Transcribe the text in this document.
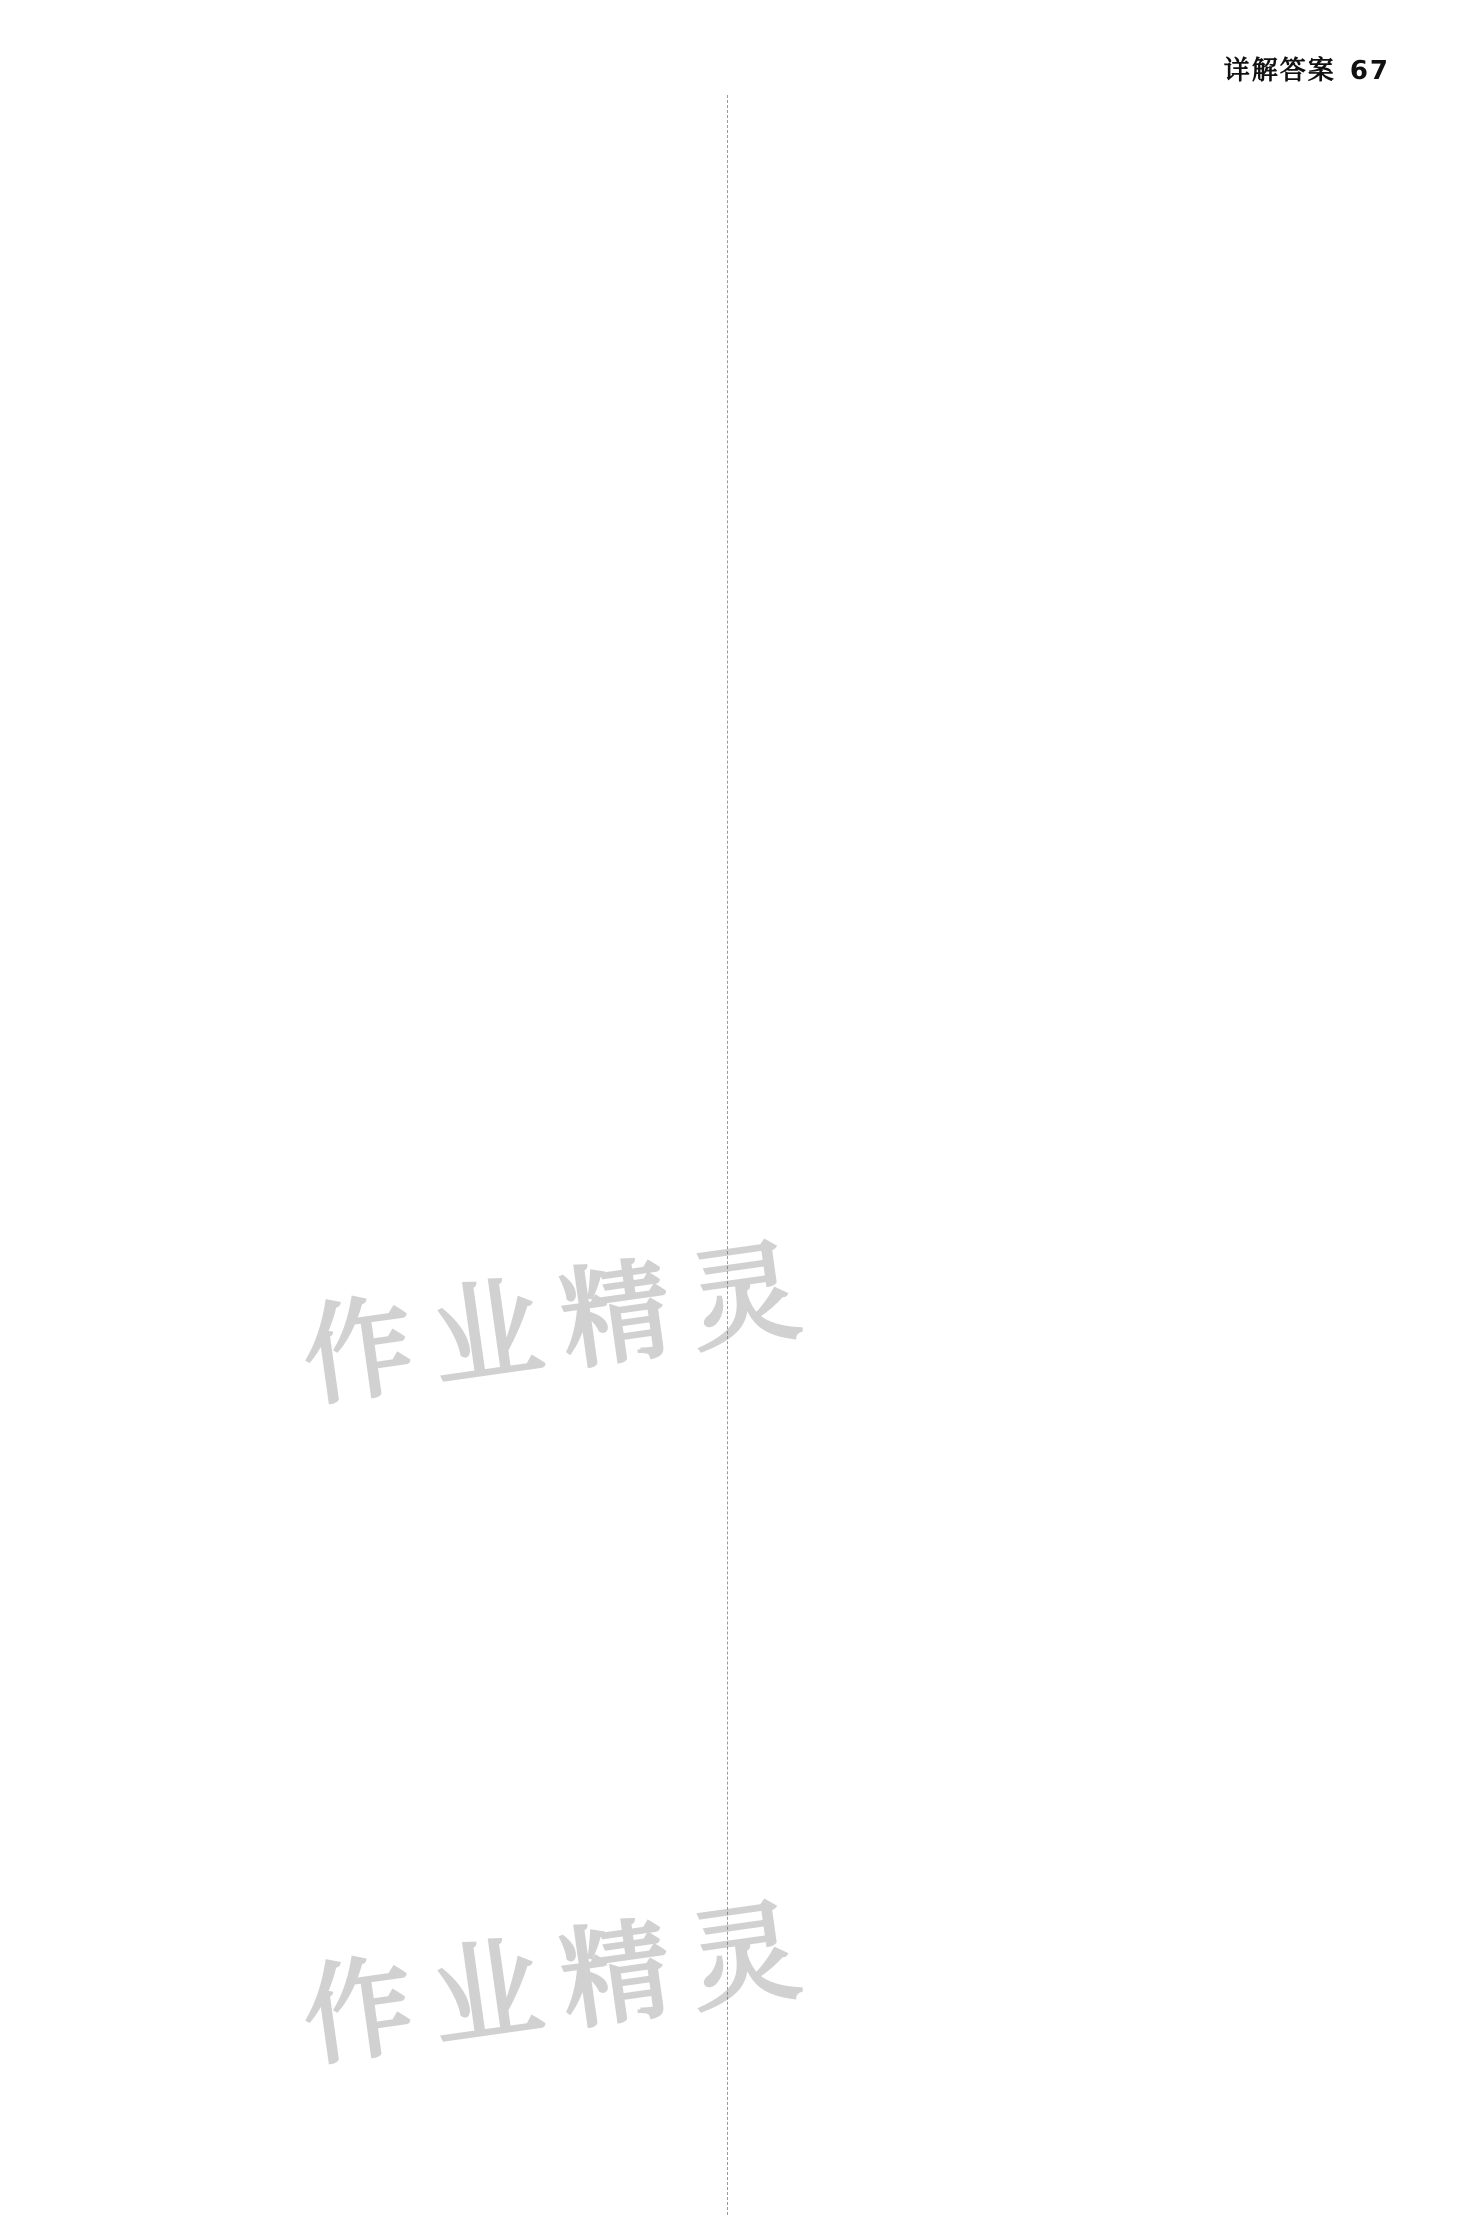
详解答案 67

作业精灵
作业精灵
